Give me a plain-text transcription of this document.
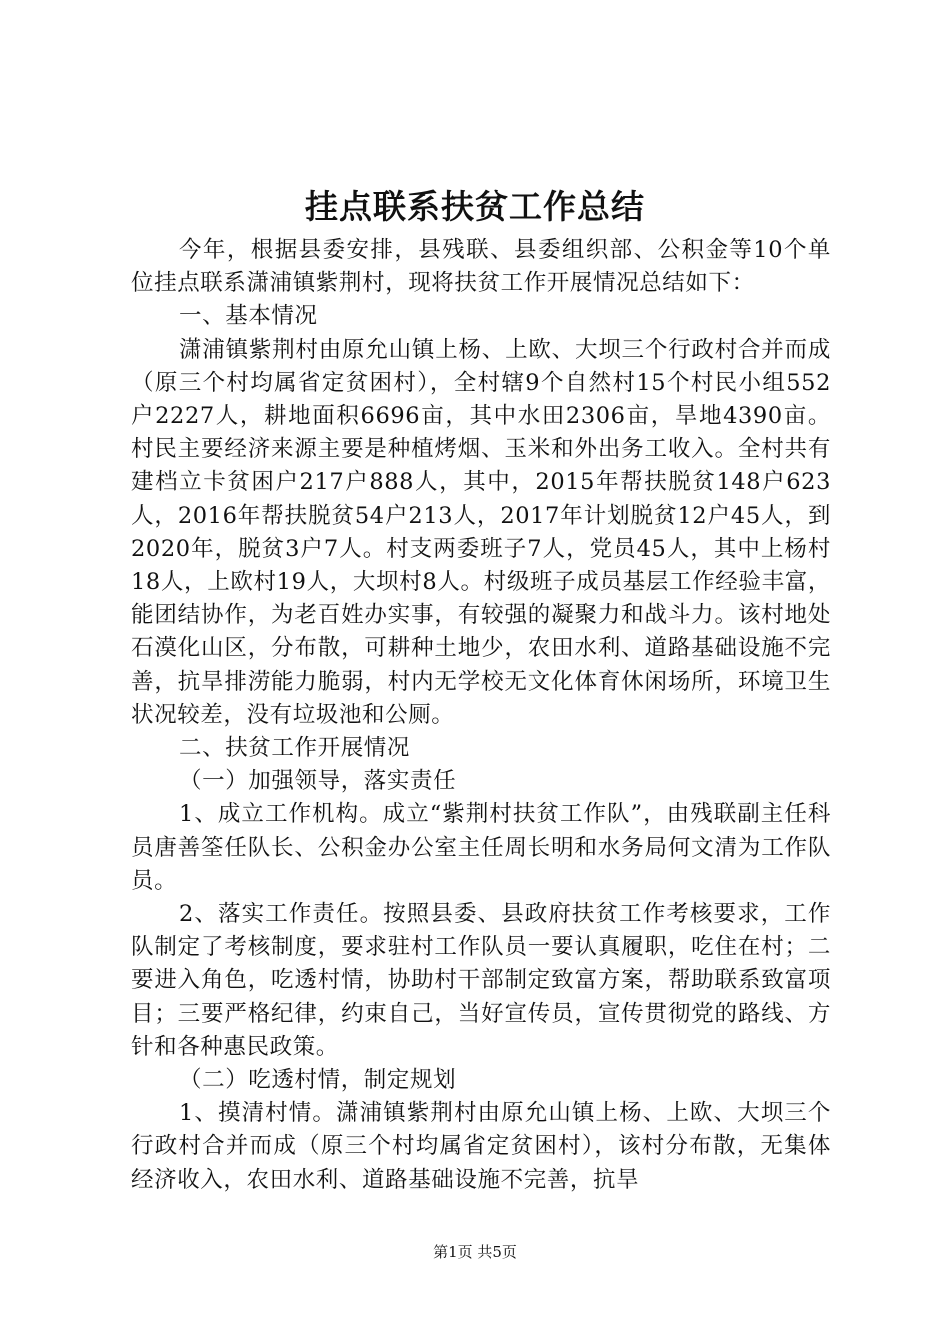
挂点联系扶贫工作总结

今年，根据县委安排，县残联、县委组织部、公积金等10个单位挂点联系潇浦镇紫荆村，现将扶贫工作开展情况总结如下：

一、基本情况

潇浦镇紫荆村由原允山镇上杨、上欧、大坝三个行政村合并而成（原三个村均属省定贫困村），全村辖9个自然村15个村民小组552户2227人，耕地面积6696亩，其中水田2306亩，旱地4390亩。村民主要经济来源主要是种植烤烟、玉米和外出务工收入。全村共有建档立卡贫困户217户888人，其中，2015年帮扶脱贫148户623人，2016年帮扶脱贫54户213人，2017年计划脱贫12户45人，到2020年，脱贫3户7人。村支两委班子7人，党员45人，其中上杨村18人，上欧村19人，大坝村8人。村级班子成员基层工作经验丰富，能团结协作，为老百姓办实事，有较强的凝聚力和战斗力。该村地处石漠化山区，分布散，可耕种土地少，农田水利、道路基础设施不完善，抗旱排涝能力脆弱，村内无学校无文化体育休闲场所，环境卫生状况较差，没有垃圾池和公厕。

二、扶贫工作开展情况

（一）加强领导，落实责任

1、成立工作机构。成立“紫荆村扶贫工作队”，由残联副主任科员唐善筌任队长、公积金办公室主任周长明和水务局何文清为工作队员。

2、落实工作责任。按照县委、县政府扶贫工作考核要求，工作队制定了考核制度，要求驻村工作队员一要认真履职，吃住在村；二要进入角色，吃透村情，协助村干部制定致富方案，帮助联系致富项目；三要严格纪律，约束自己，当好宣传员，宣传贯彻党的路线、方针和各种惠民政策。

（二）吃透村情，制定规划

1、摸清村情。潇浦镇紫荆村由原允山镇上杨、上欧、大坝三个行政村合并而成（原三个村均属省定贫困村），该村分布散，无集体经济收入，农田水利、道路基础设施不完善，抗旱

第1页 共5页
